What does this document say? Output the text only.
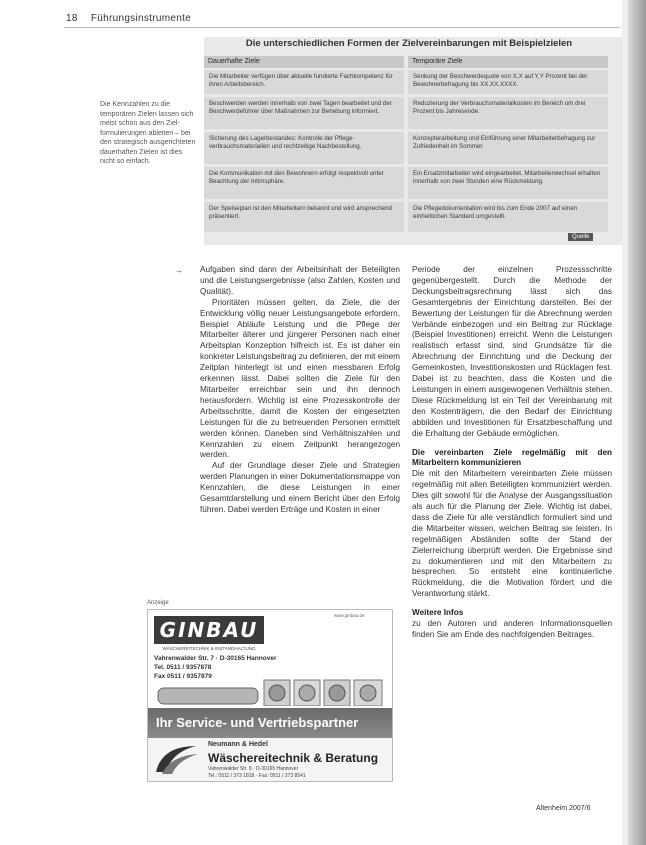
18 Führungsinstrumente
Die unterschiedlichen Formen der Zielvereinbarungen mit Beispielzielen
Dauerhafte Ziele	Temporäre Ziele
Die Mitarbeiter verfügen über aktuelle fundierte Fachkompetenz für ihren Arbeitsbereich.
Senkung der Beschwerdequote von X,X auf Y,Y Prozent bei der Bewohnerbefragung bis XX.XX.XXXX.
Beschwerden werden innerhalb von zwei Tagen bearbeitet und der Beschwerdeführer über Maßnahmen zur Behebung informiert.
Reduzierung der Verbrauchsmaterialkosten im Bereich um drei Prozent bis Jahresende.
Sicherung des Lagerbestandes: Kontrolle der Pflegeverbrauchsmaterialien und rechtzeitige Nachbestellung.
Konzepterarbeitung und Einführung einer Mitarbeiterbefragung zur Zufriedenheit im Sommer.
Die Kommunikation mit den Bewohnern erfolgt respektvoll unter Beachtung der Intimsphäre.
Ein Ersatzmitarbeiter wird eingearbeitet. Mitarbeiterwechsel erhalten innerhalb von zwei Stunden eine Rückmeldung.
Der Speiseplan ist den Mitarbeitern bekannt und wird ansprechend präsentiert.
Die Pflegedokumentation wird bis zum Ende 2007 auf einen einheitlichen Standard umgestellt.
Quelle
Die Kennzahlen zu die temporären Zielen lassen sich meist schon aus den Zielformulierungen ableiten – bei den strategisch ausgerichteten dauerhaften Zielen ist dies nicht so einfach.
→ Aufgaben sind dann der Arbeitsinhalt der Beteiligten und die Leistungsergebnisse (also Zahlen, Kosten und Qualität).

Prioritäten müssen gelten, da Ziele, die der Entwicklung völlig neuer Leistungsangebote erfordern, Beispiel Abläufe Leistung und die Pflege der Mitarbeiter älterer und jüngerer Personen nach einer Arbeitsplan Konzeption hilfreich ist. Es ist daher ein konkreter Leistungsbeitrag zu definieren, der mit einem Zeitplan hinterlegt ist und einen messbaren Erfolg erkennen lässt. Dabei sollten die Ziele für den Mitarbeiter erreichbar sein und ihn dennoch herausfordern. Wichtig ist eine Prozesskontrolle der Arbeitsschritte, damit die Kosten der eingesetzten Leistungen für die zu betreuenden Personen ermittelt werden können. Daneben sind Verhältniszahlen und Kennzahlen zu einem Zeitpunkt herangezogen werden.

Auf der Grundlage dieser Ziele und Strategien werden Planungen in einer Dokumentationsmappe von Kennzahlen, die diese Leistungen in einer Gesamtdarstellung und einem Bericht über den Erfolg führen. Dabei werden Erträge und Kosten in einer

Periode der einzelnen Prozessschritte gegenübergestellt. Durch die Methode der Deckungsbeitragsrechnung lässt sich das Gesamtergebnis der Einrichtung darstellen. Bei der Bewertung der Leistungen für die Abrechnung werden Verbände einbezogen und ein Beitrag zur Rücklage (Beispiel Investitionen) erreicht. Wenn die Leistungen realistisch erfasst sind, sind Grundsätze für die Abrechnung der Einrichtung und die Deckung der Gemeinkosten, Investitionskosten und Rücklagen fest. Dabei ist zu beachten, dass die Kosten und die Leistungen in einem ausgewogenen Verhältnis stehen. Diese Rückmeldung ist ein Teil der Vereinbarung mit den Kostenträgern, die den Bedarf der Einrichtung abbilden und Investitionen für Ersatzbeschaffung und die Erhaltung der Gebäude ermöglichen.

Die vereinbarten Ziele regelmäßig mit den Mitarbeitern kommunizieren

Die mit den Mitarbeitern vereinbarten Ziele müssen regelmäßig mit allen Beteiligten kommuniziert werden. Dies gilt sowohl für die Analyse der Ausgangssituation als auch für die Planung der Ziele. Wichtig ist dabei, dass die Ziele für alle verständlich formuliert sind und die Mitarbeiter wissen, welchen Beitrag sie leisten. In regelmäßigen Abständen sollte der Stand der Zielerreichung überprüft werden. Die Ergebnisse sind zu dokumentieren und mit den Mitarbeitern zu besprechen. So entsteht eine kontinuierliche Rückmeldung, die die Motivation fördert und die Verantwortung stärkt.

Weitere Infos

zu den Autoren und anderen Informationsquellen finden Sie am Ende des nachfolgenden Beitrages.

Anzeige
www.ginbau.de
GINBAU
WÄSCHEREITECHNIK & INSTANDHALTUNG
Vahrenwalder Str. 7 · D-30165 Hannover
Tel. 0511 / 9357878
Fax 0511 / 9357879
Ihr Service- und Vertriebspartner
Neumann & Hedel
Wäschereitechnik & Beratung
Vahrenwalder Str. 9 · D-30165 Hannover
Tel.: 0511 / 373 1818 · Fax: 0511 / 373 8541
Altenheim 2007/6
